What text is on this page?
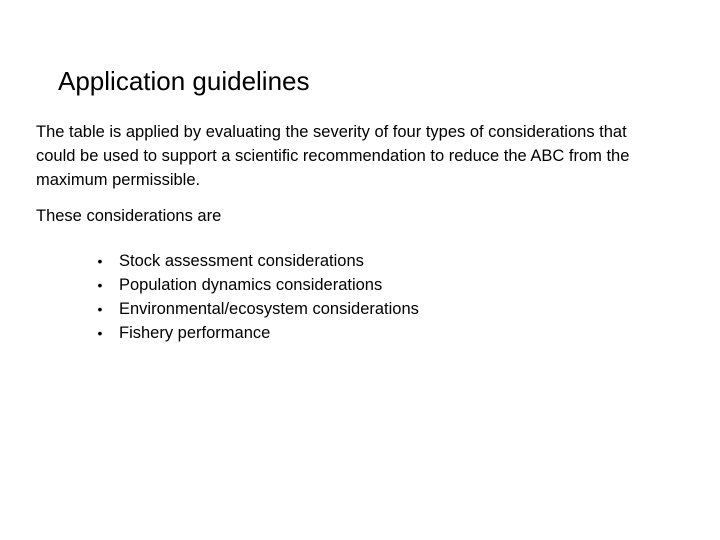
Application guidelines

The table is applied by evaluating the severity of four types of considerations that could be used to support a scientific recommendation to reduce the ABC from the maximum permissible.

These considerations are

• Stock assessment considerations
• Population dynamics considerations
• Environmental/ecosystem considerations
• Fishery performance
